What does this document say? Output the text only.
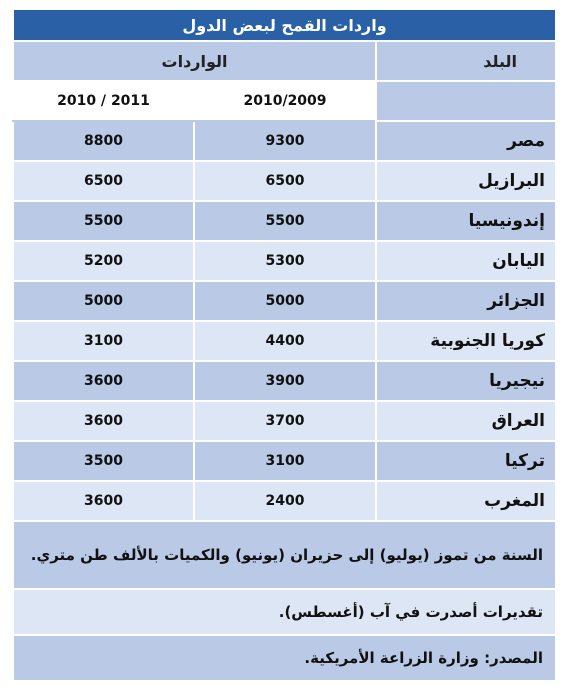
واردات القمح لبعض الدول		
البلد	الواردات	
	2010/2009	2011 / 2010
مصر	9300	8800
البرازيل	6500	6500
إندونيسيا	5500	5500
اليابان	5300	5200
الجزائر	5000	5000
كوريا الجنوبية	4400	3100
نيجيريا	3900	3600
العراق	3700	3600
تركيا	3100	3500
المغرب	2400	3600
السنة من تموز (يوليو) إلى حزيران (يونيو) والكميات بالألف طن متري.		
تقديرات أصدرت في آب (أغسطس).		
المصدر: وزارة الزراعة الأمريكية.		
